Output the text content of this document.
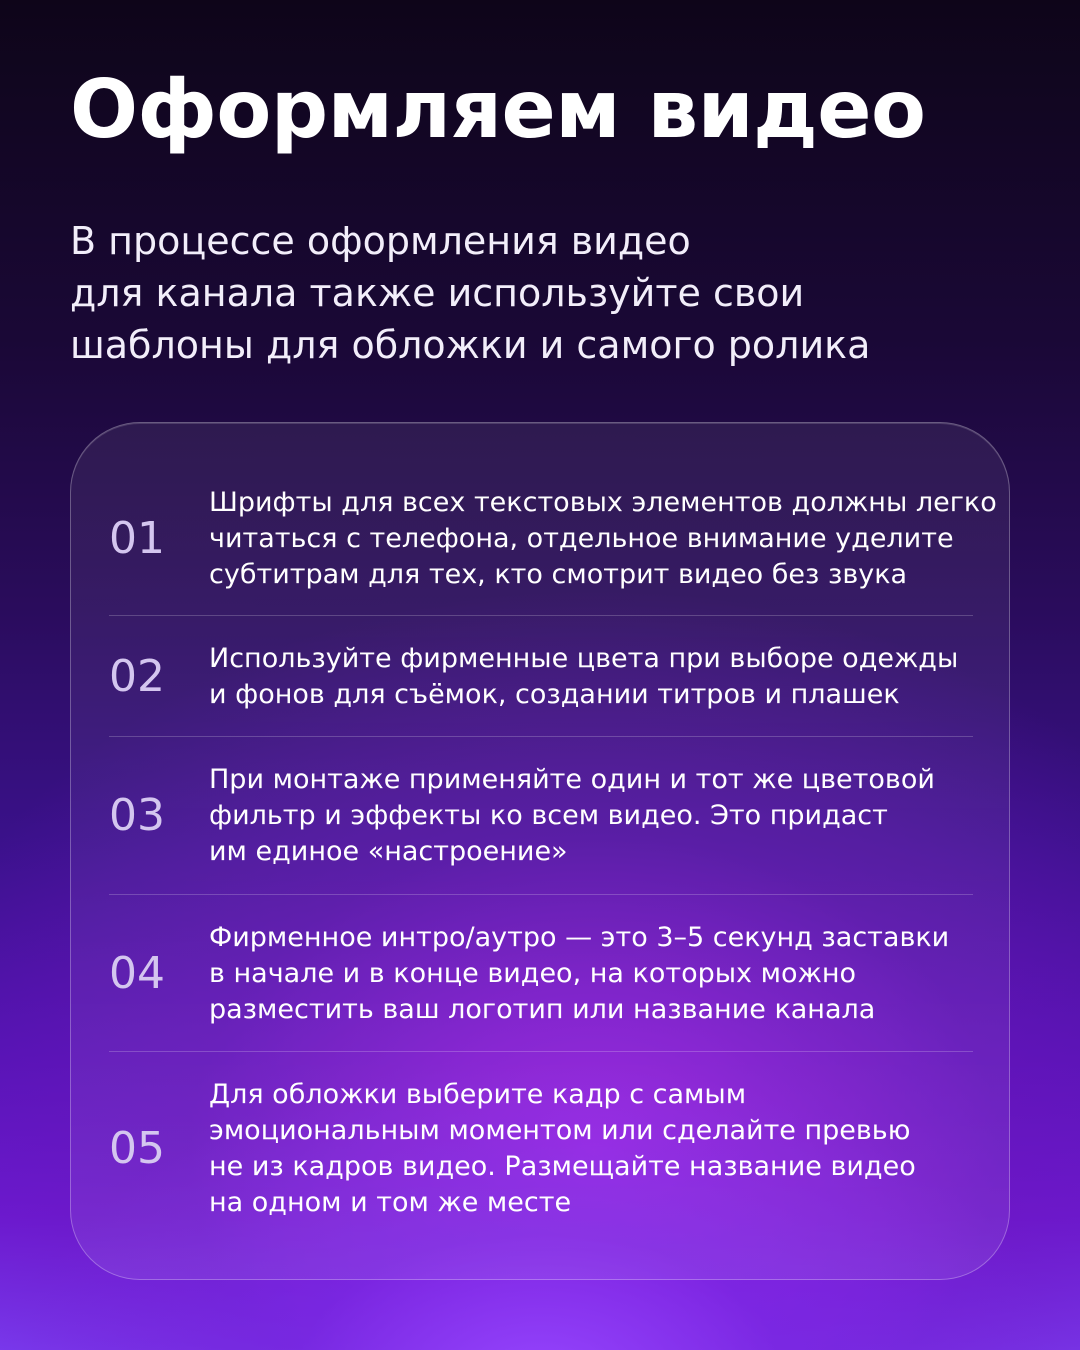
Оформляем видео
В процессе оформления видео
для канала также используйте свои
шаблоны для обложки и самого ролика
01
Шрифты для всех текстовых элементов должны легко
читаться с телефона, отдельное внимание уделите
субтитрам для тех, кто смотрит видео без звука
02	Используйте фирменные цвета при выборе одежды
и фонов для съёмок, создании титров и плашек
03
При монтаже применяйте один и тот же цветовой
фильтр и эффекты ко всем видео. Это придаст
им единое «настроение»
04
Фирменное интро/аутро — это 3–5 секунд заставки
в начале и в конце видео, на которых можно
разместить ваш логотип или название канала
05
Для обложки выберите кадр с самым
эмоциональным моментом или сделайте превью
не из кадров видео. Размещайте название видео
на одном и том же месте
